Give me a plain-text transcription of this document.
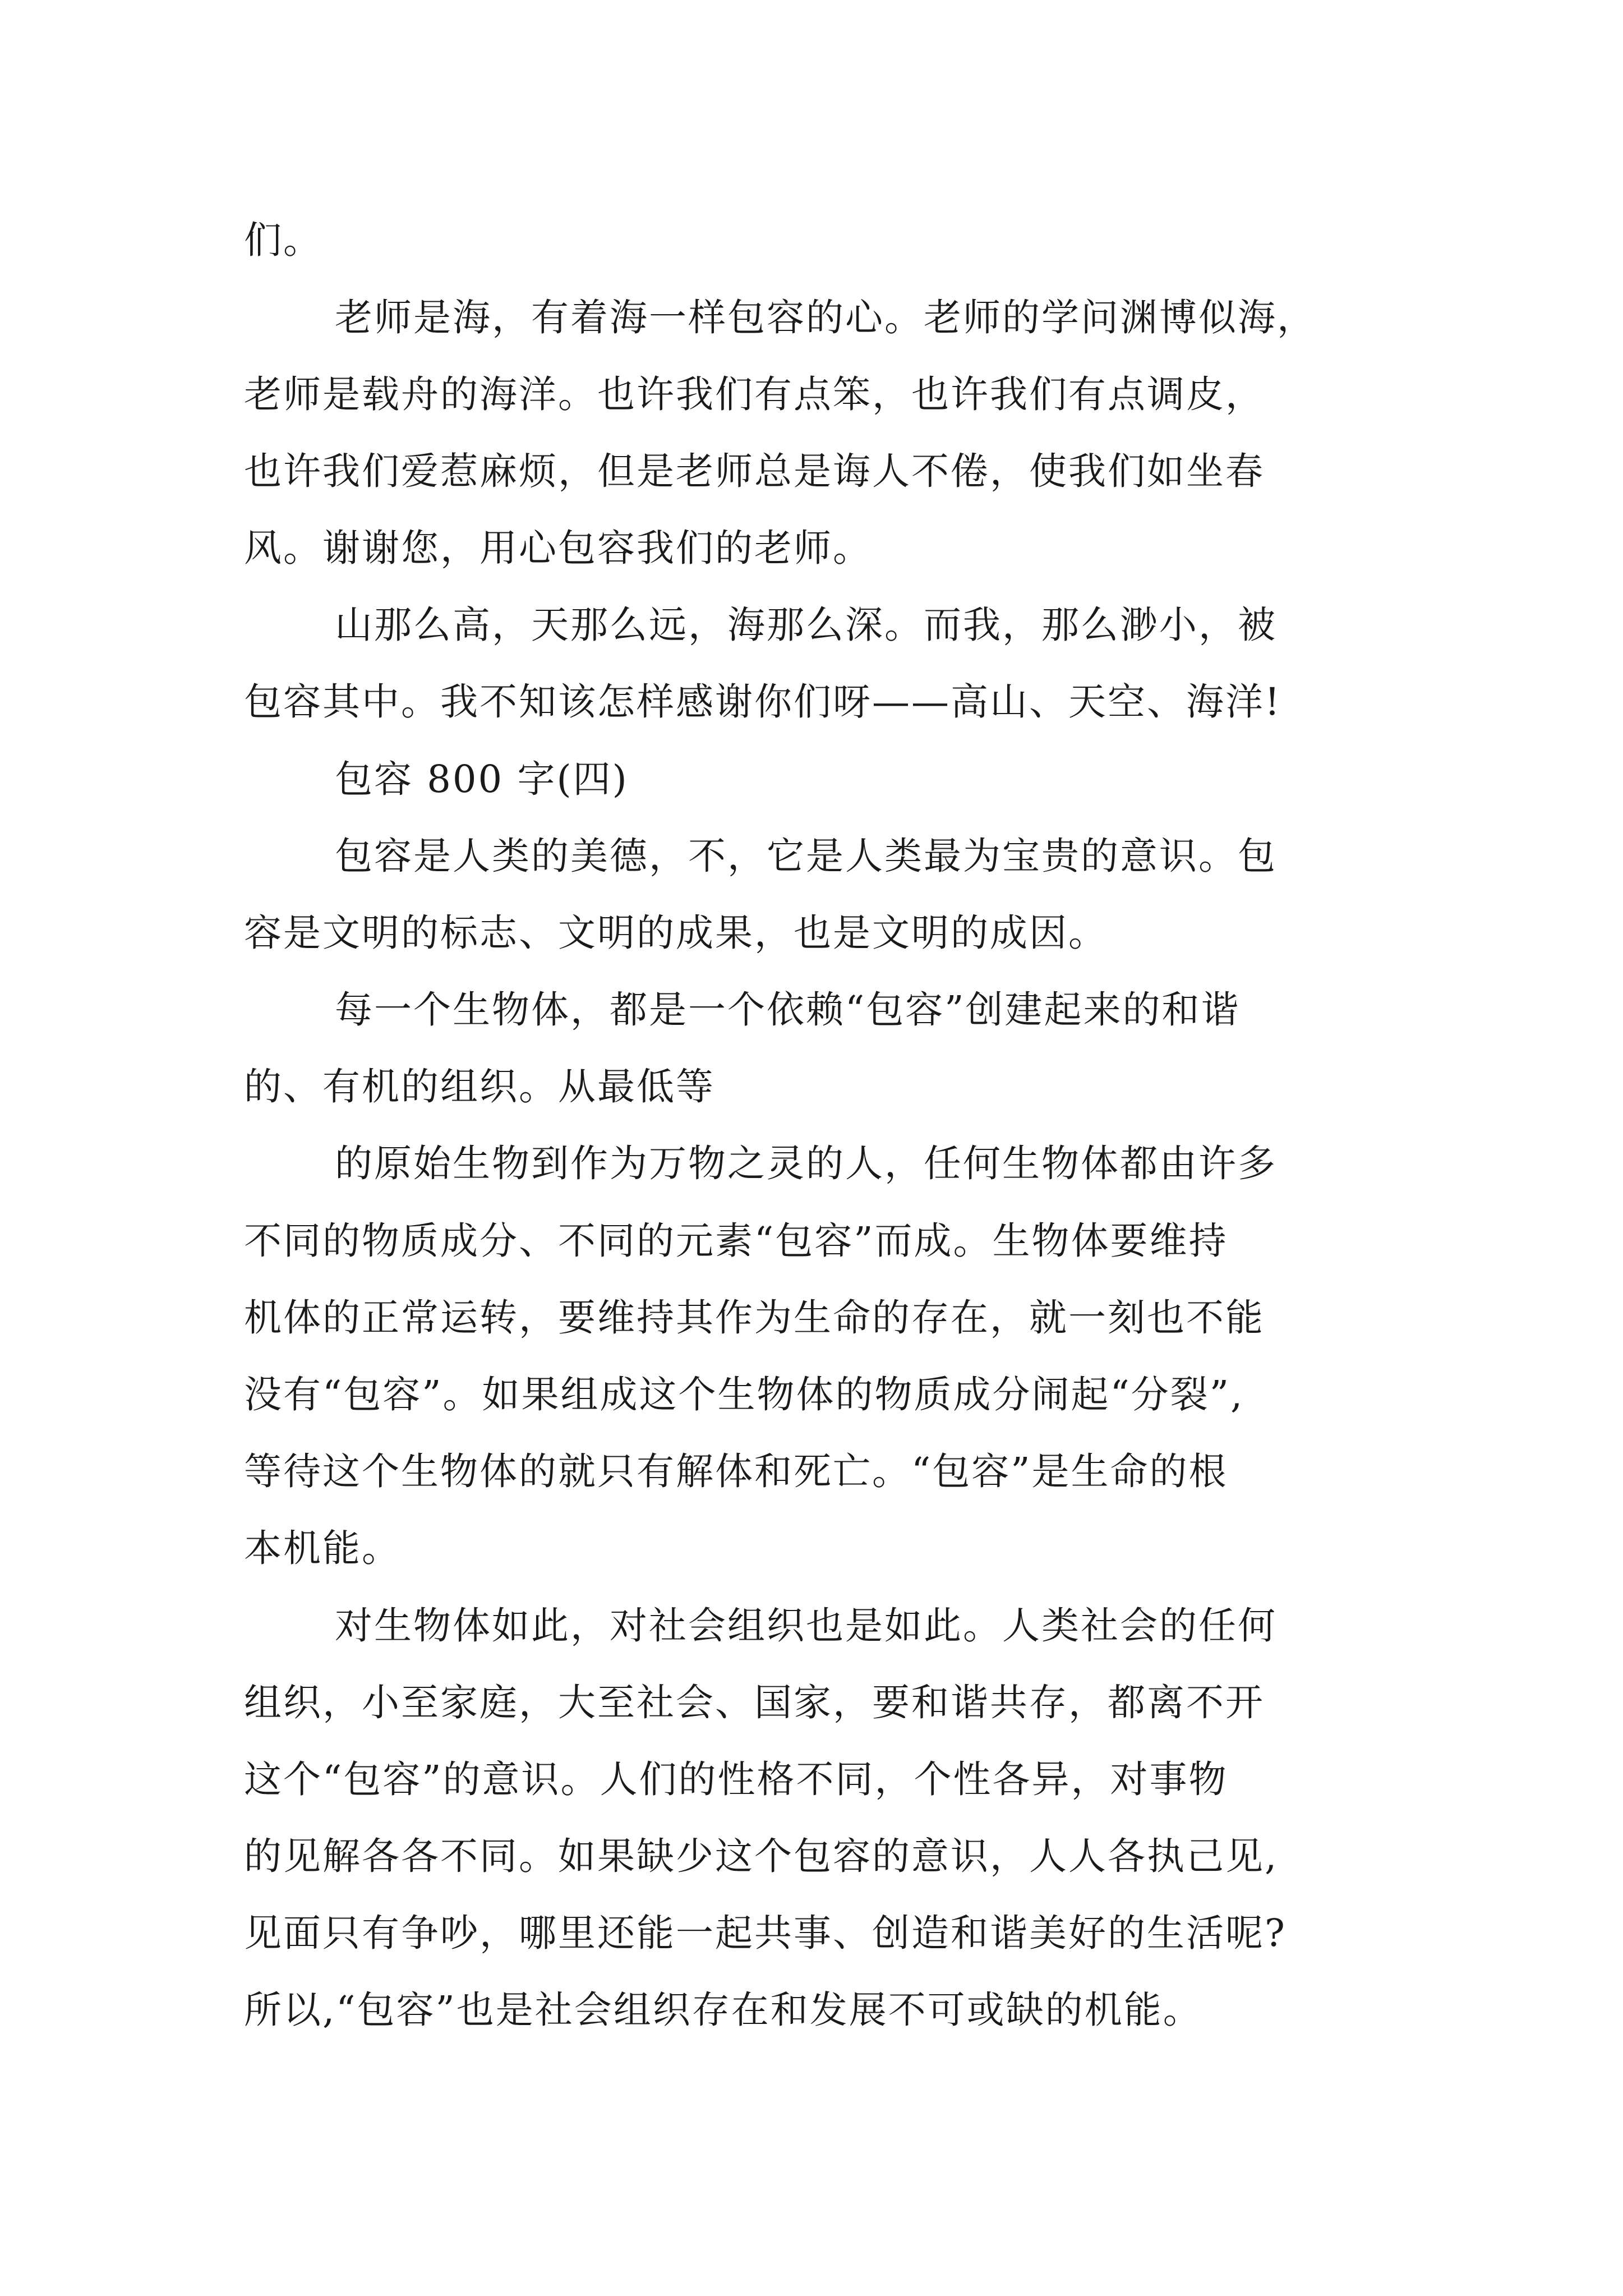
们。

老师是海，有着海一样包容的心。老师的学问渊博似海，

老师是载舟的海洋。也许我们有点笨，也许我们有点调皮，

也许我们爱惹麻烦，但是老师总是诲人不倦，使我们如坐春

风。谢谢您，用心包容我们的老师。

山那么高，天那么远，海那么深。而我，那么渺小，被

包容其中。我不知该怎样感谢你们呀——高山、天空、海洋!

包容 800 字(四)

包容是人类的美德，不，它是人类最为宝贵的意识。包

容是文明的标志、文明的成果，也是文明的成因。

每一个生物体，都是一个依赖“包容”创建起来的和谐

的、有机的组织。从最低等

的原始生物到作为万物之灵的人，任何生物体都由许多

不同的物质成分、不同的元素“包容”而成。生物体要维持

机体的正常运转，要维持其作为生命的存在，就一刻也不能

没有“包容”。如果组成这个生物体的物质成分闹起“分裂”,

等待这个生物体的就只有解体和死亡。“包容”是生命的根

本机能。

对生物体如此，对社会组织也是如此。人类社会的任何

组织，小至家庭，大至社会、国家，要和谐共存，都离不开

这个“包容”的意识。人们的性格不同，个性各异，对事物

的见解各各不同。如果缺少这个包容的意识，人人各执己见,

见面只有争吵，哪里还能一起共事、创造和谐美好的生活呢?

所以,“包容”也是社会组织存在和发展不可或缺的机能。
